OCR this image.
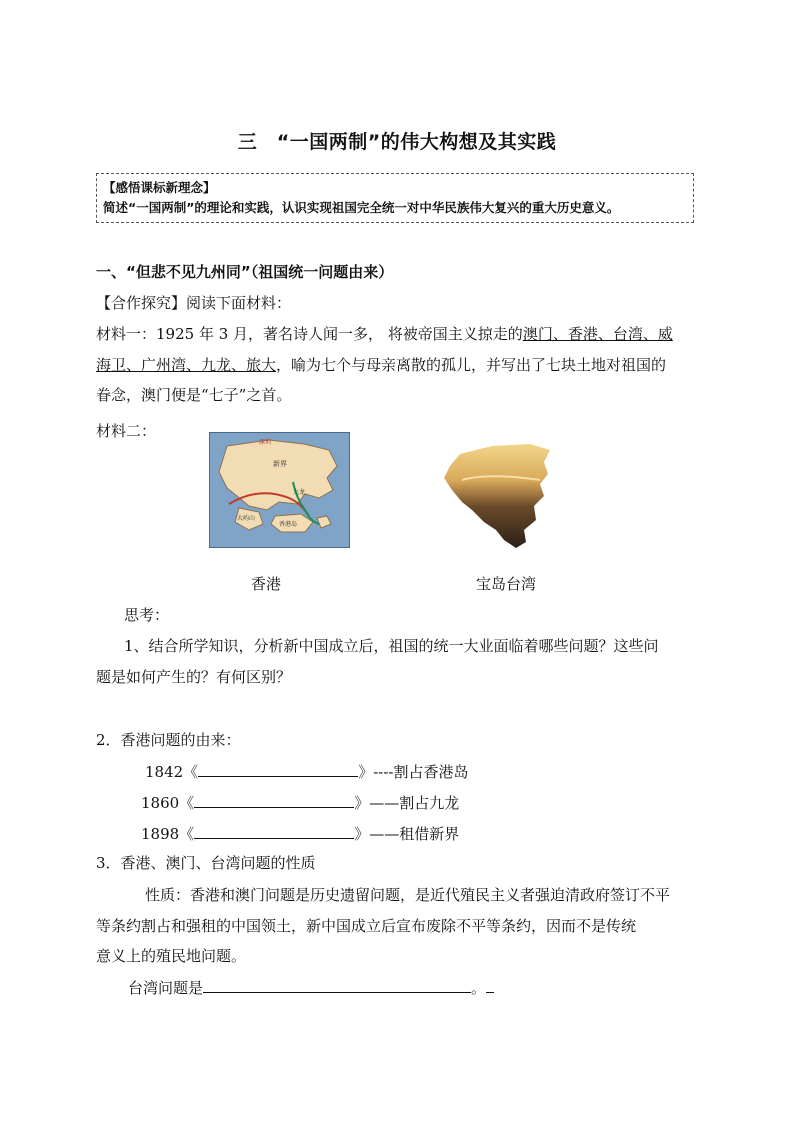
三　“一国两制”的伟大构想及其实践
【感悟课标新理念】
简述“一国两制”的理论和实践，认识实现祖国完全统一对中华民族伟大复兴的重大历史意义。
一、“但悲不见九州同”（祖国统一问题由来）
【合作探究】阅读下面材料：
材料一：1925 年 3 月，著名诗人闻一多， 将被帝国主义掠走的澳门、香港、台湾、威
海卫、广州湾、九龙、旅大，喻为七个与母亲离散的孤儿，并写出了七块土地对祖国的
眷念，澳门便是“七子”之首。
材料二：
新界
九龙
香港岛
大屿山
深圳
香港	宝岛台湾
思考：
1、结合所学知识，分析新中国成立后，祖国的统一大业面临着哪些问题？这些问
题是如何产生的？有何区别？
2．香港问题的由来：
1842《	》----割占香港岛
1860《	》——割占九龙
1898《	》——租借新界
3．香港、澳门、台湾问题的性质
性质：香港和澳门问题是历史遗留问题，是近代殖民主义者强迫清政府签订不平
等条约割占和强租的中国领土，新中国成立后宣布废除不平等条约，因而不是传统
意义上的殖民地问题。
台湾问题是	。
